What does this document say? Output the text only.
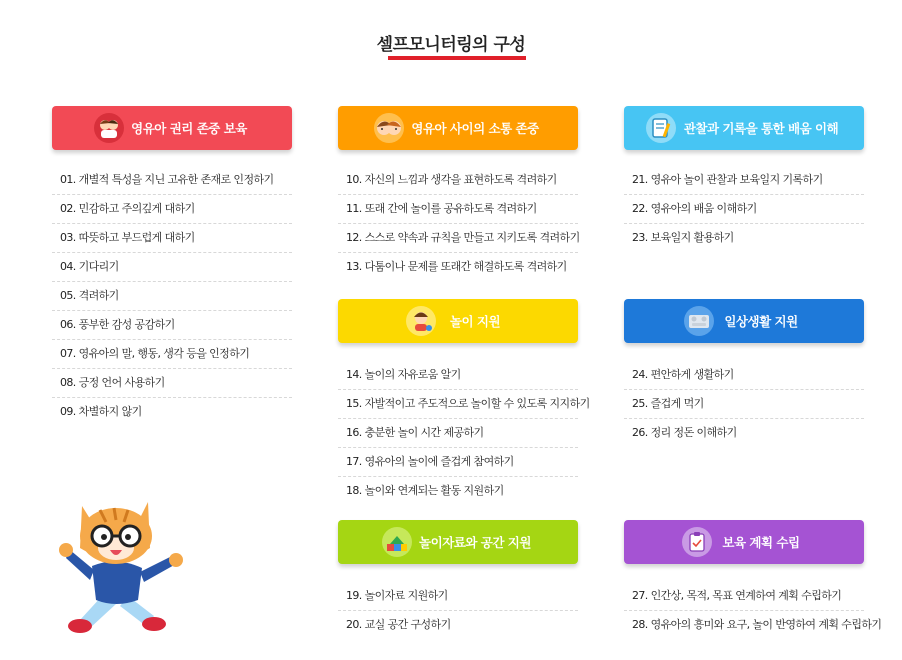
셀프모니터링의 구성
영유아 권리 존중 보육
01. 개별적 특성을 지닌 고유한 존재로 인정하기
02. 민감하고 주의깊게 대하기
03. 따뜻하고 부드럽게 대하기
04. 기다리기
05. 격려하기
06. 풍부한 감성 공감하기
07. 영유아의 말, 행동, 생각 등을 인정하기
08. 긍정 언어 사용하기
09. 차별하지 않기
영유아 사이의 소통 존중
10. 자신의 느낌과 생각을 표현하도록 격려하기
11. 또래 간에 놀이를 공유하도록 격려하기
12. 스스로 약속과 규칙을 만들고 지키도록 격려하기
13. 다툼이나 문제를 또래간 해결하도록 격려하기
놀이 지원
14. 놀이의 자유로움 알기
15. 자발적이고 주도적으로 놀이할 수 있도록 지지하기
16. 충분한 놀이 시간 제공하기
17. 영유아의 놀이에 즐겁게 참여하기
18. 놀이와 연계되는 활동 지원하기
놀이자료와 공간 지원
19. 놀이자료 지원하기
20. 교실 공간 구성하기
관찰과 기록을 통한 배움 이해
21. 영유아 놀이 관찰과 보육일지 기록하기
22. 영유아의 배움 이해하기
23. 보육일지 활용하기
일상생활 지원
24. 편안하게 생활하기
25. 즐겁게 먹기
26. 정리 정돈 이해하기
보육 계획 수립
27. 인간상, 목적, 목표 연계하여 계획 수립하기
28. 영유아의 흥미와 요구, 놀이 반영하여 계획 수립하기
